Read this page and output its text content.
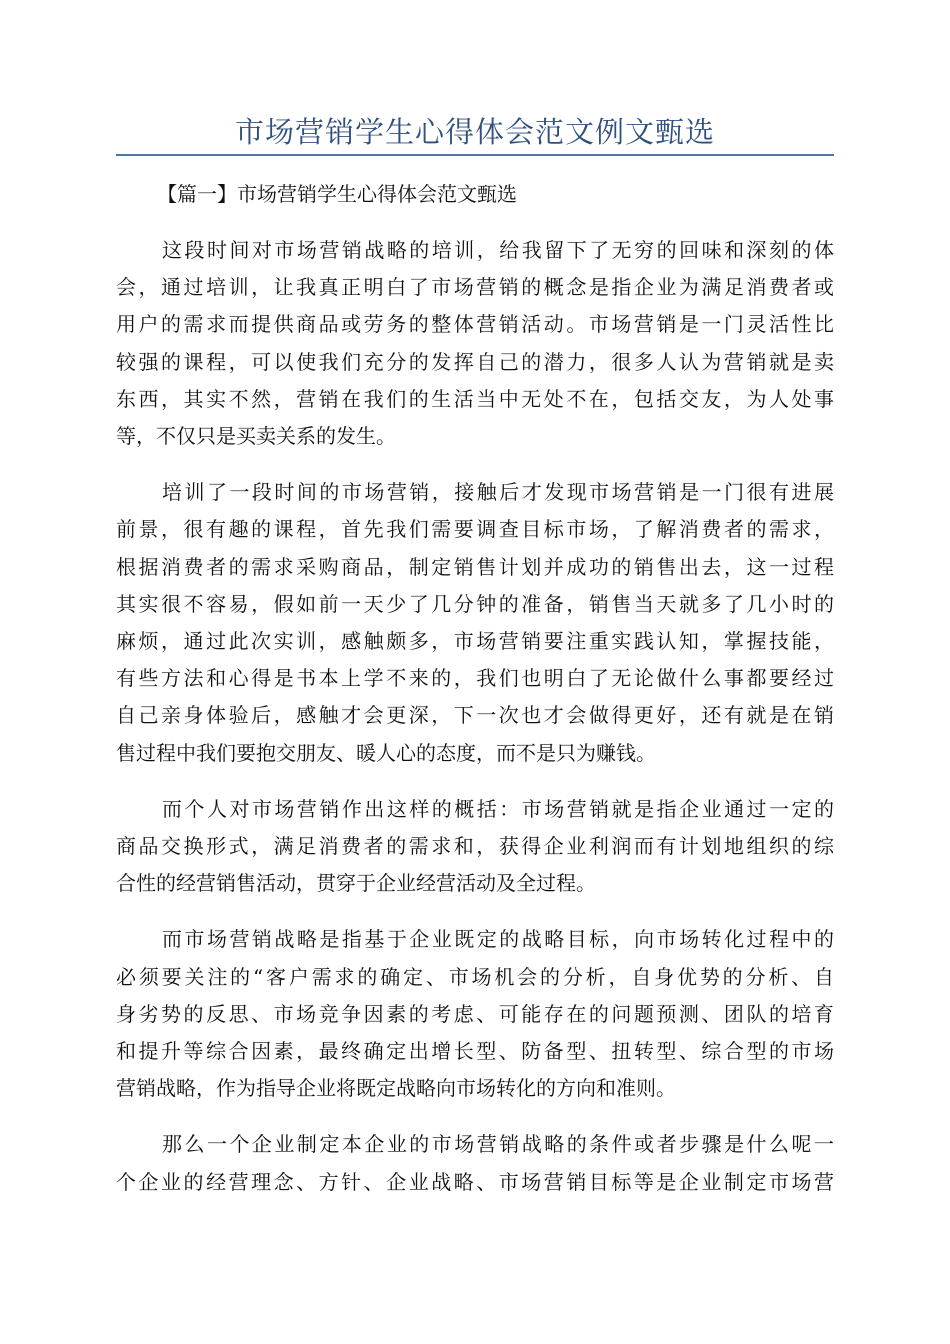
市场营销学生心得体会范文例文甄选
【篇一】市场营销学生心得体会范文甄选
这段时间对市场营销战略的培训，给我留下了无穷的回味和深刻的体
会，通过培训，让我真正明白了市场营销的概念是指企业为满足消费者或
用户的需求而提供商品或劳务的整体营销活动。市场营销是一门灵活性比
较强的课程，可以使我们充分的发挥自己的潜力，很多人认为营销就是卖
东西，其实不然，营销在我们的生活当中无处不在，包括交友，为人处事
等，不仅只是买卖关系的发生。
培训了一段时间的市场营销，接触后才发现市场营销是一门很有进展
前景，很有趣的课程，首先我们需要调查目标市场，了解消费者的需求，
根据消费者的需求采购商品，制定销售计划并成功的销售出去，这一过程
其实很不容易，假如前一天少了几分钟的准备，销售当天就多了几小时的
麻烦，通过此次实训，感触颇多，市场营销要注重实践认知，掌握技能，
有些方法和心得是书本上学不来的，我们也明白了无论做什么事都要经过
自己亲身体验后，感触才会更深，下一次也才会做得更好，还有就是在销
售过程中我们要抱交朋友、暖人心的态度，而不是只为赚钱。
而个人对市场营销作出这样的概括：市场营销就是指企业通过一定的
商品交换形式，满足消费者的需求和，获得企业利润而有计划地组织的综
合性的经营销售活动，贯穿于企业经营活动及全过程。
而市场营销战略是指基于企业既定的战略目标，向市场转化过程中的
必须要关注的“客户需求的确定、市场机会的分析，自身优势的分析、自
身劣势的反思、市场竞争因素的考虑、可能存在的问题预测、团队的培育
和提升等综合因素，最终确定出增长型、防备型、扭转型、综合型的市场
营销战略，作为指导企业将既定战略向市场转化的方向和准则。
那么一个企业制定本企业的市场营销战略的条件或者步骤是什么呢一
个企业的经营理念、方针、企业战略、市场营销目标等是企业制定市场营
